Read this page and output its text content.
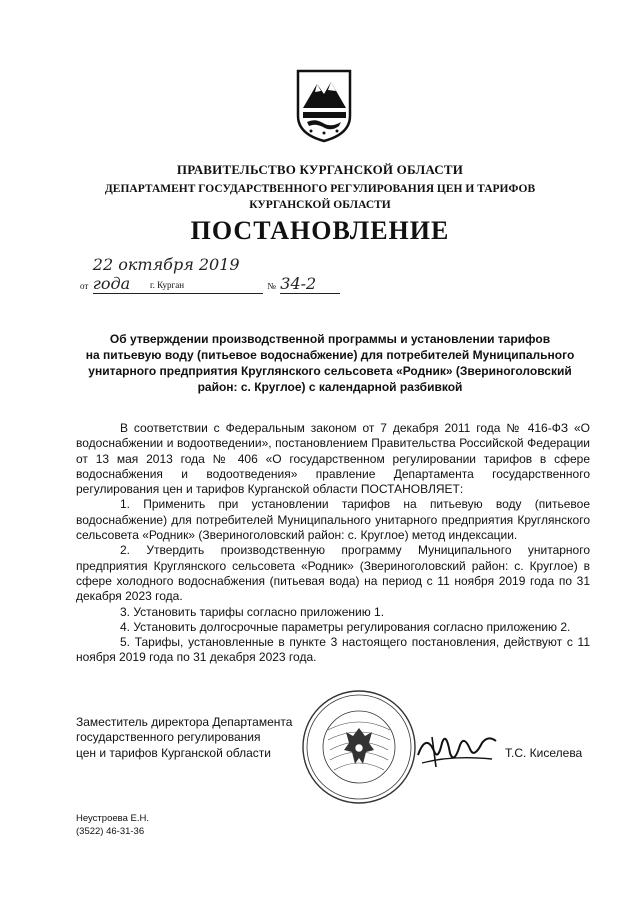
ПРАВИТЕЛЬСТВО КУРГАНСКОЙ ОБЛАСТИ
ДЕПАРТАМЕНТ ГОСУДАРСТВЕННОГО РЕГУЛИРОВАНИЯ ЦЕН И ТАРИФОВ
КУРГАНСКОЙ ОБЛАСТИ
ПОСТАНОВЛЕНИЕ
от 22 октября 2019 года	№ 34-2
г. Курган
Об утверждении производственной программы и установлении тарифов
на питьевую воду (питьевое водоснабжение) для потребителей Муниципального
унитарного предприятия Круглянского сельсовета «Родник» (Звериноголовский
район: с. Круглое) с календарной разбивкой

В соответствии с Федеральным законом от 7 декабря 2011 года № 416-ФЗ «О водоснабжении и водоотведении», постановлением Правительства Российской Федерации от 13 мая 2013 года № 406 «О государственном регулировании тарифов в сфере водоснабжения и водоотведения» правление Департамента государственного регулирования цен и тарифов Курганской области ПОСТАНОВЛЯЕТ:

1. Применить при установлении тарифов на питьевую воду (питьевое водоснабжение) для потребителей Муниципального унитарного предприятия Круглянского сельсовета «Родник» (Звериноголовский район: с. Круглое) метод индексации.

2. Утвердить производственную программу Муниципального унитарного предприятия Круглянского сельсовета «Родник» (Звериноголовский район: с. Круглое) в сфере холодного водоснабжения (питьевая вода) на период с 11 ноября 2019 года по 31 декабря 2023 года.

3. Установить тарифы согласно приложению 1.

4. Установить долгосрочные параметры регулирования согласно приложению 2.

5. Тарифы, установленные в пункте 3 настоящего постановления, действуют с 11 ноября 2019 года по 31 декабря 2023 года.

Заместитель директора Департамента
государственного регулирования
цен и тарифов Курганской области	Т.С. Киселева
Неустроева Е.Н.
(3522) 46-31-36
